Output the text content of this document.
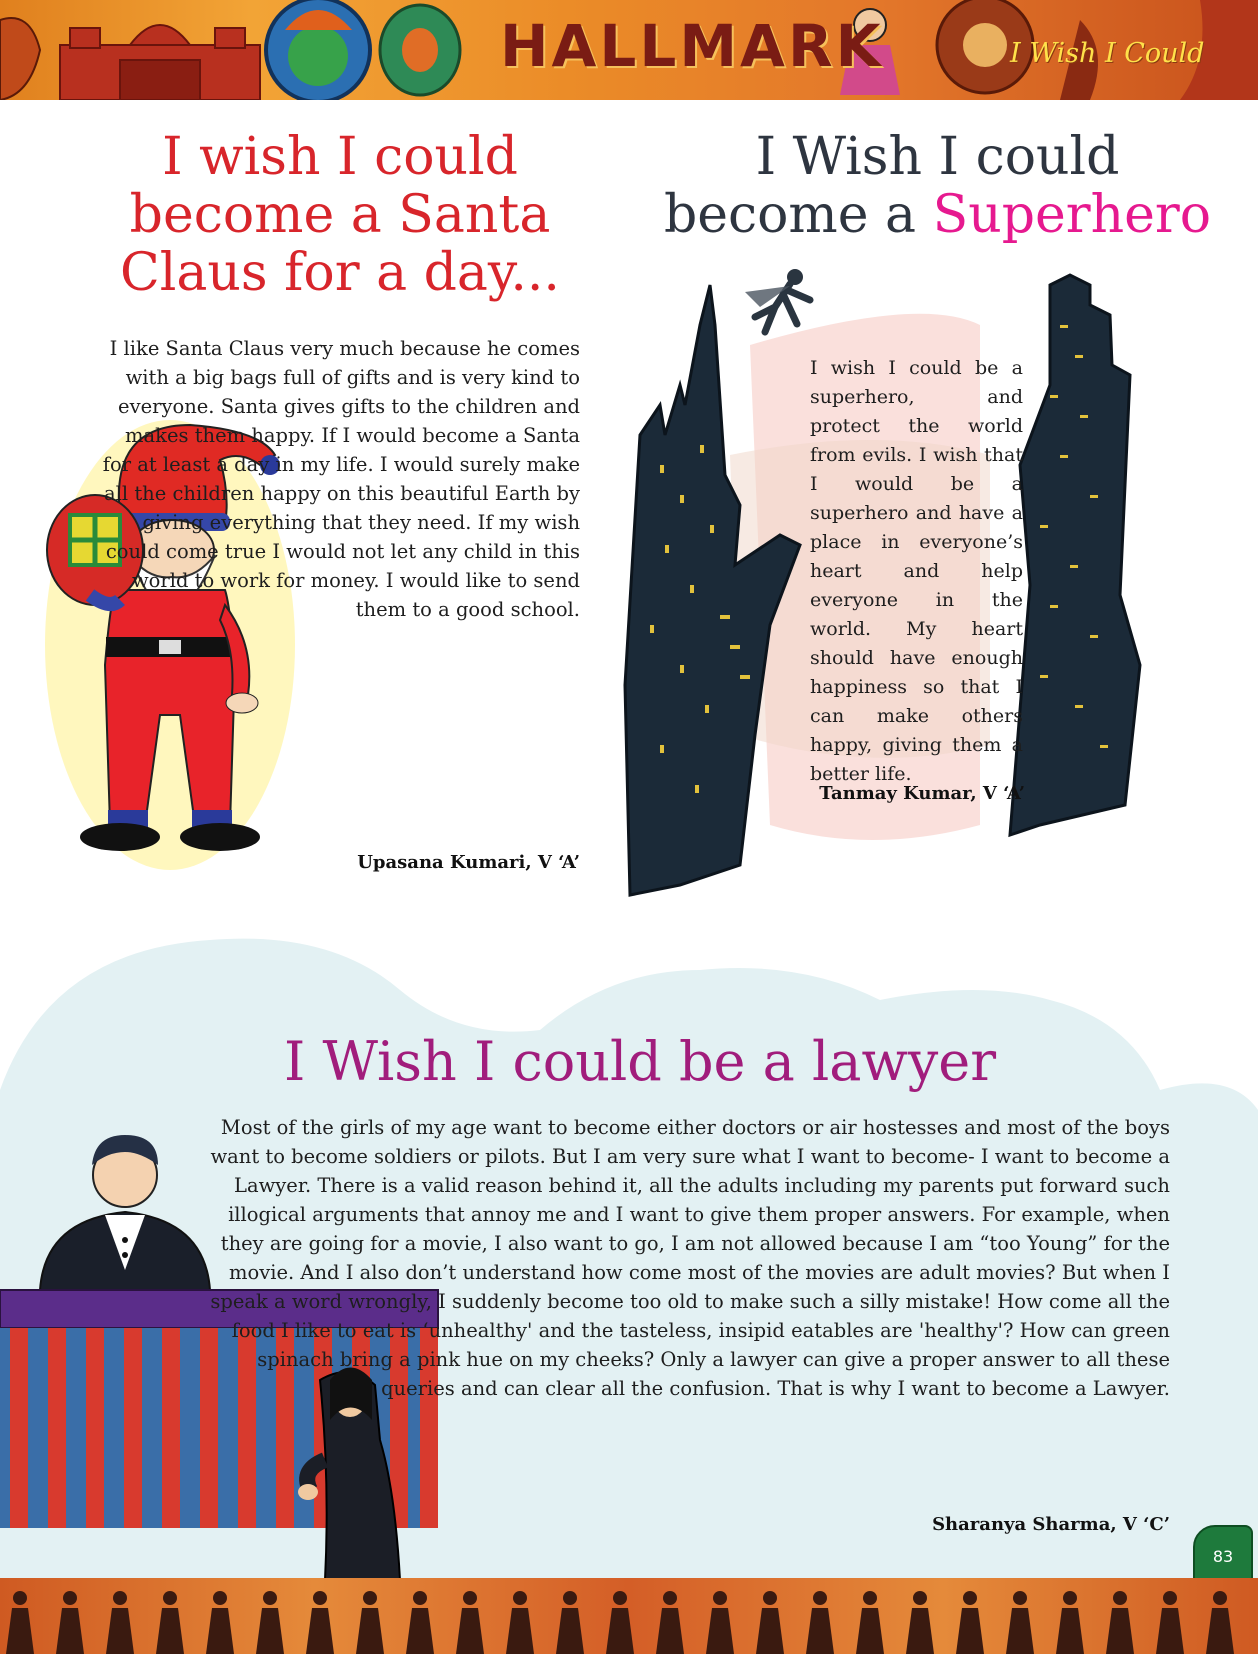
HALLMARK	I Wish I Could
I wish I could become a Santa Claus for a day...
I like Santa Claus very much because he comes with a big bags full of gifts and is very kind to everyone. Santa gives gifts to the children and makes them happy. If I would become a Santa for at least a day in my life. I would surely make all the children happy on this beautiful Earth by giving everything that they need. If my wish could come true I would not let any child in this world to work for money. I would like to send them to a good school.
Upasana Kumari, V ‘A’
I Wish I could become a Superhero
I wish I could be a superhero, and protect the world from evils. I wish that I would be a superhero and have a place in everyone’s heart and help everyone in the world. My heart should have enough happiness so that I can make others happy, giving them a better life.
Tanmay Kumar, V ‘A’
I Wish I could be a lawyer
Most of the girls of my age want to become either doctors or air hostesses and most of the boys want to become soldiers or pilots. But I am very sure what I want to become- I want to become a Lawyer. There is a valid reason behind it, all the adults including my parents put forward such illogical arguments that annoy me and I want to give them proper answers. For example, when they are going for a movie, I also want to go, I am not allowed because I am “too Young” for the movie. And I also don’t understand how come most of the movies are adult movies? But when I speak a word wrongly, I suddenly become too old to make such a silly mistake! How come all the food I like to eat is ‘unhealthy' and the tasteless, insipid eatables are 'healthy'? How can green spinach bring a pink hue on my cheeks? Only a lawyer can give a proper answer to all these queries and can clear all the confusion. That is why I want to become a Lawyer.
Sharanya Sharma, V ‘C’
83
